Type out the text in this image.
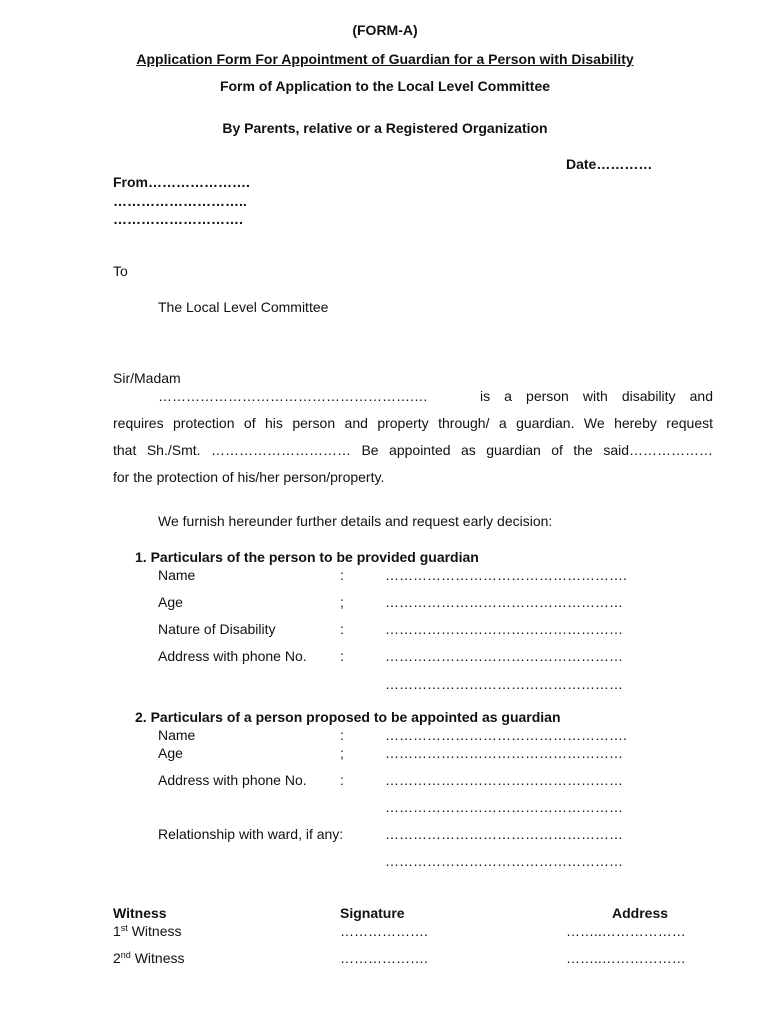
(FORM-A)
Application Form For Appointment of Guardian for a Person with Disability
Form of Application to the Local Level Committee
By Parents, relative or a Registered Organization
Date…………
From………………….
………………………..
……………………….
To
The Local Level Committee
Sir/Madam
……………………………………………….…	is a person with disability and
requires protection of his person and property through/ a guardian. We hereby request
that Sh./Smt. ………………………… Be appointed as guardian of the said………………
for the protection of his/her person/property.
We furnish hereunder further details and request early decision:
1. Particulars of the person to be provided guardian
Name	:	…………………………………………….
Age	;	……………………………………………
Nature of Disability	:	……………………………………………
Address with phone No. :	……………………………………………
……………………………………………
2. Particulars of a person proposed to be appointed as guardian
Name	:	…………………………………………….
Age	;	……………………………………………
Address with phone No. :	……………………………………………
……………………………………………
Relationship with ward, if any:	……………………………………………
……………………………………………
Witness	Signature	Address
1st Witness	……………….	……..………………
2nd Witness	……………….	……..………………
